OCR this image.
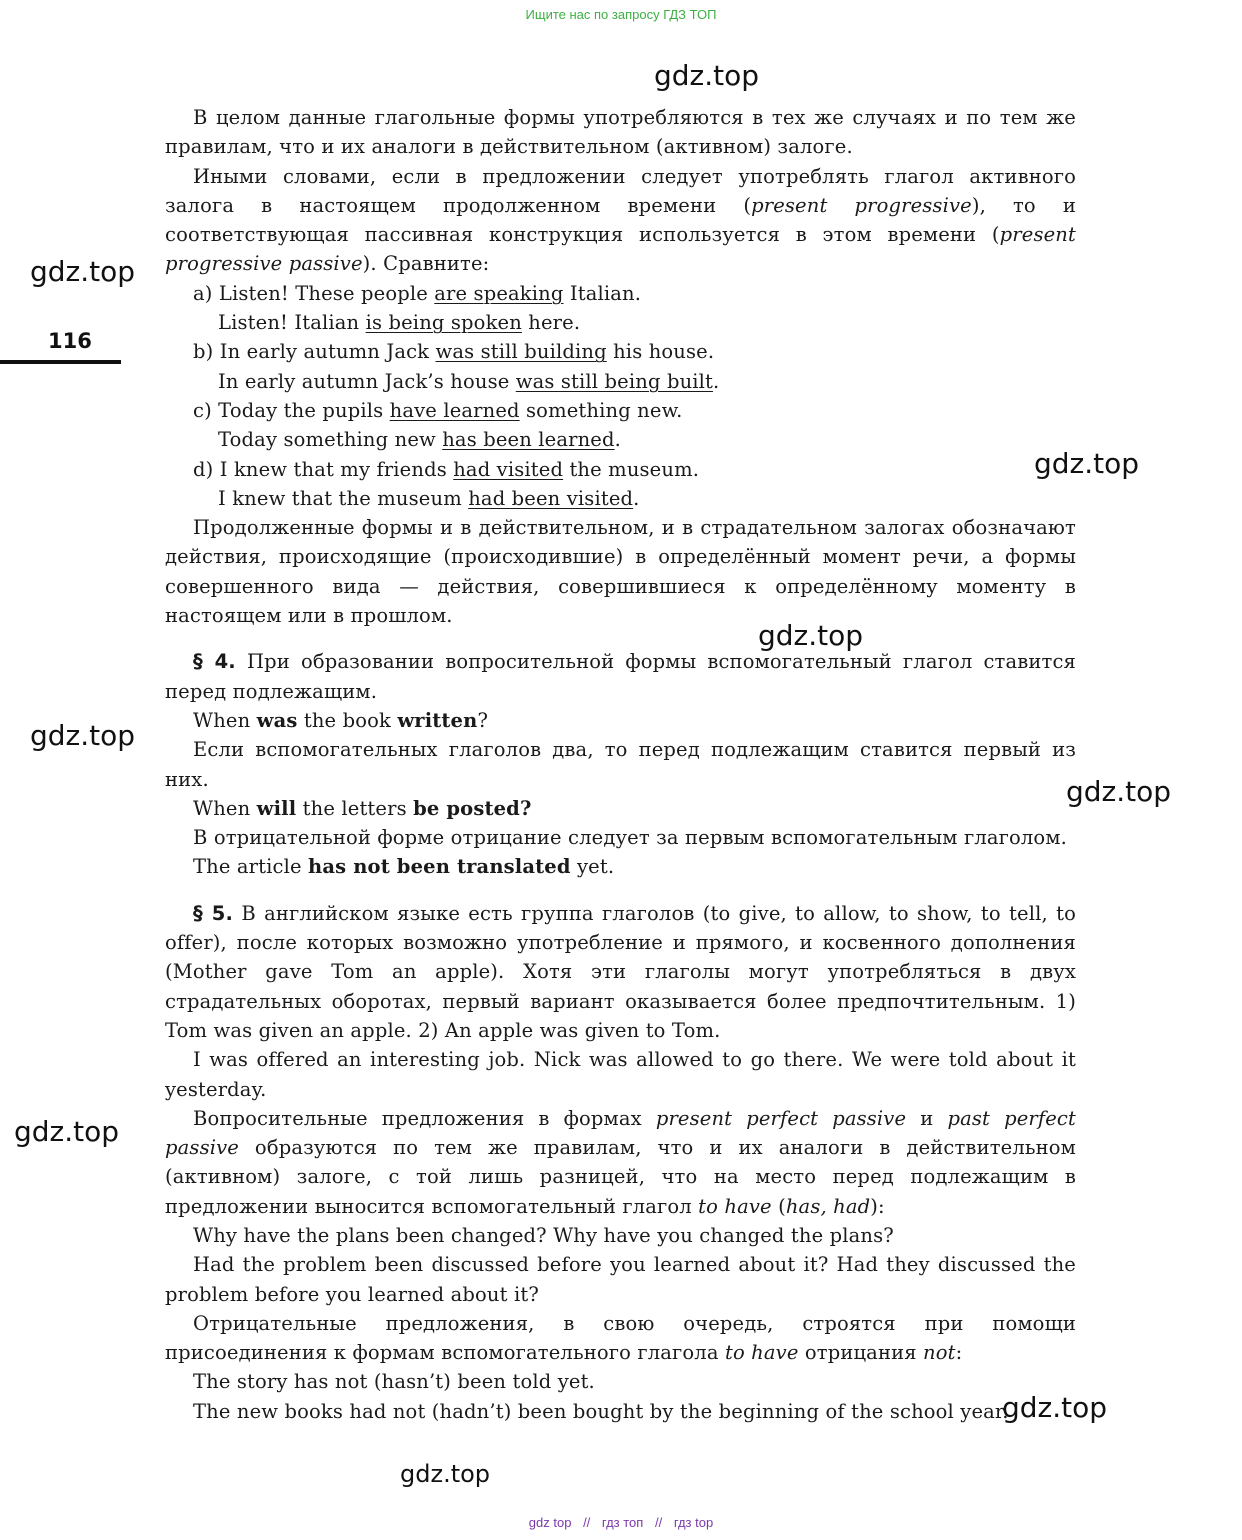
Ищите нас по запросу ГДЗ ТОП
gdz.top
gdz.top
gdz.top
gdz.top
gdz.top
gdz.top
gdz.top
gdz.top
gdz.top
116

В целом данные глагольные формы употребляются в тех же случаях и по тем же правилам, что и их аналоги в действительном (активном) залоге.

Иными словами, если в предложении следует употреблять глагол активного залога в настоящем продолженном времени (present progressive), то и соответствующая пассивная конструкция используется в этом времени (present progressive passive). Сравните:

a) Listen! These people are speaking Italian.

Listen! Italian is being spoken here.

b) In early autumn Jack was still building his house.

In early autumn Jack’s house was still being built.

c) Today the pupils have learned something new.

Today something new has been learned.

d) I knew that my friends had visited the museum.

I knew that the museum had been visited.

Продолженные формы и в действительном, и в страдательном залогах обозначают действия, происходящие (происходившие) в определённый момент речи, а формы совершенного вида — действия, совершившиеся к определённому моменту в настоящем или в прошлом.

§ 4. При образовании вопросительной формы вспомогательный глагол ставится перед подлежащим.

When was the book written?

Если вспомогательных глаголов два, то перед подлежащим ставится первый из них.

When will the letters be posted?

В отрицательной форме отрицание следует за первым вспомогательным глаголом.

The article has not been translated yet.

§ 5. В английском языке есть группа глаголов (to give, to allow, to show, to tell, to offer), после которых возможно употребление и прямого, и косвенного дополнения (Mother gave Tom an apple). Хотя эти глаголы могут употребляться в двух страдательных оборотах, первый вариант оказывается более предпочтительным. 1) Tom was given an apple. 2) An apple was given to Tom.

I was offered an interesting job. Nick was allowed to go there. We were told about it yesterday.

Вопросительные предложения в формах present perfect passive и past perfect passive образуются по тем же правилам, что и их аналоги в действительном (активном) залоге, с той лишь разницей, что на место перед подлежащим в предложении выносится вспомогательный глагол to have (has, had):

Why have the plans been changed? Why have you changed the plans?

Had the problem been discussed before you learned about it? Had they discussed the problem before you learned about it?

Отрицательные предложения, в свою очередь, строятся при помощи присоединения к формам вспомогательного глагола to have отрицания not:

The story has not (hasn’t) been told yet.

The new books had not (hadn’t) been bought by the beginning of the school year.

gdz top // гдз топ // гдз top
